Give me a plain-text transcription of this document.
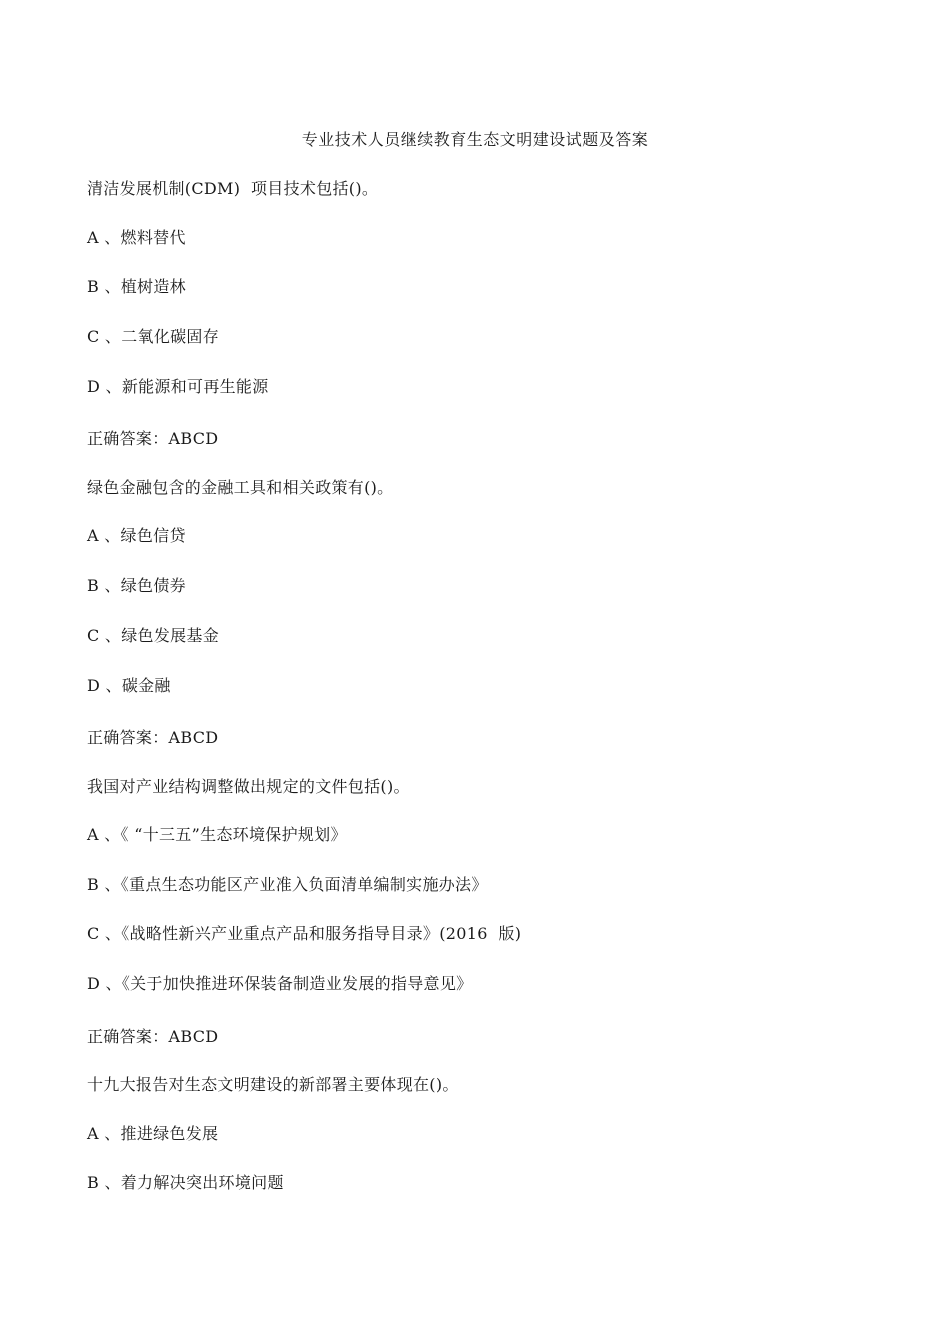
专业技术人员继续教育生态文明建设试题及答案
清洁发展机制(CDM)  项目技术包括()。
A 、燃料替代
B 、植树造林
C 、二氧化碳固存
D 、新能源和可再生能源
正确答案：ABCD
绿色金融包含的金融工具和相关政策有()。
A 、绿色信贷
B 、绿色债券
C 、绿色发展基金
D 、碳金融
正确答案：ABCD
我国对产业结构调整做出规定的文件包括()。
A 、《 “十三五”生态环境保护规划》
B 、《重点生态功能区产业准入负面清单编制实施办法》
C 、《战略性新兴产业重点产品和服务指导目录》(2016  版)
D 、《关于加快推进环保装备制造业发展的指导意见》
正确答案：ABCD
十九大报告对生态文明建设的新部署主要体现在()。
A 、推进绿色发展
B 、着力解决突出环境问题
